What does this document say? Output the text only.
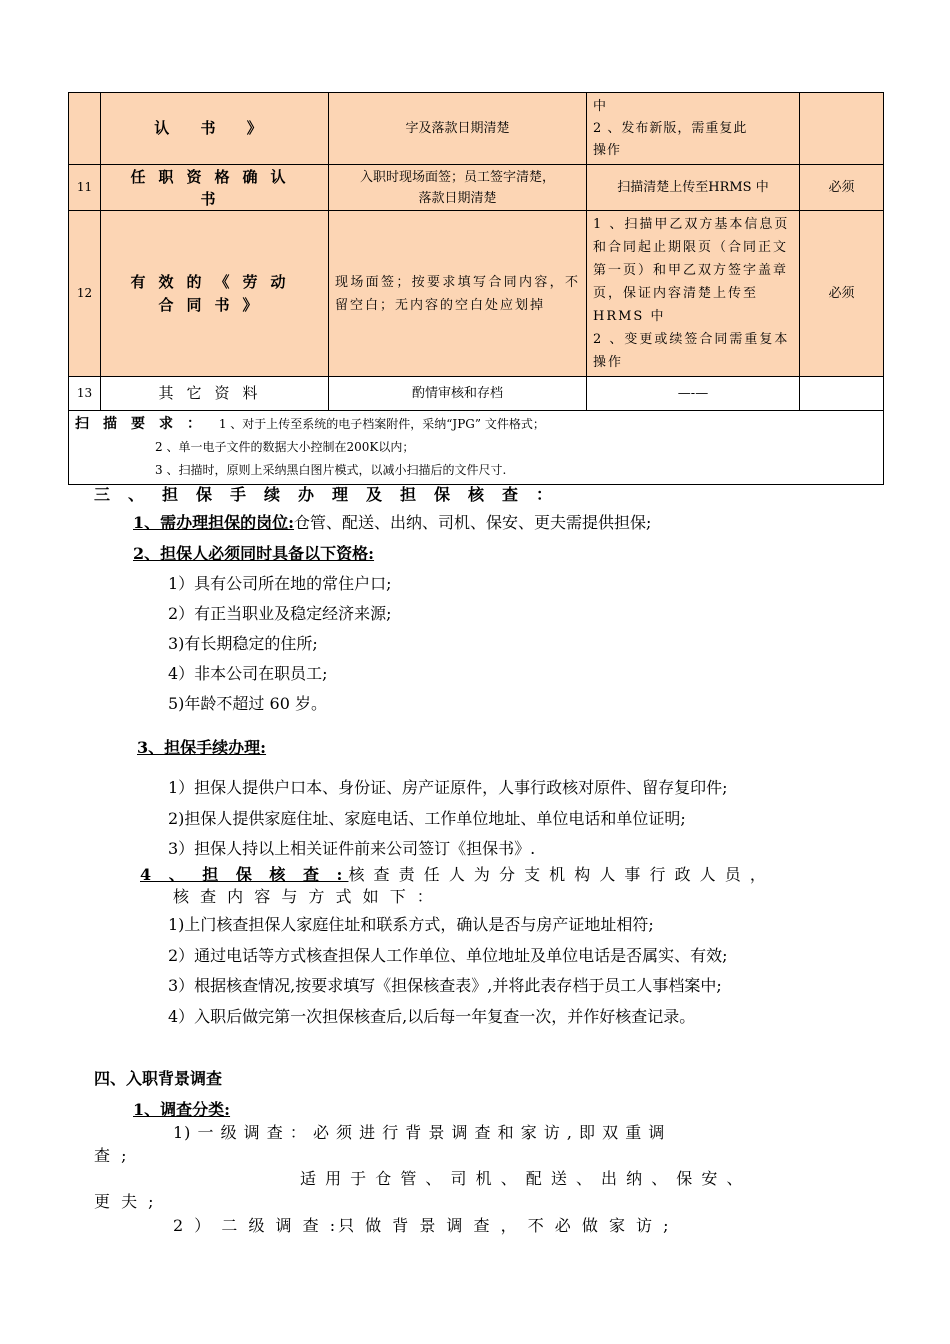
	认 书 》	字及落款日期清楚	中
2 、发布新版，需重复此
操作	

11	任职资格确认书	入职时现场面签；员工签字清楚，落款日期清楚	扫描清楚上传至HRMS 中	必须
12	有效的《劳动合同书》	现场面签；按要求填写合同内容，不留空白；无内容的空白处应划掉	1 、扫描甲乙双方基本信息页和合同起止期限页（合同正文第一页）和甲乙双方签字盖章页，保证内容清楚上传至HRMS 中
2 、变更或续签合同需重复本操作	必须
13	其它资料	酌情审核和存档	—-—	

扫描要求： 1 、对于上传至系统的电子档案附件，采纳“JPG” 文件格式；
2 、单一电子文件的数据大小控制在200K以内；
3 、扫描时，原则上采纳黑白图片模式，以减小扫描后的文件尺寸.				
三、担保手续办理及担保核查：
1、需办理担保的岗位:仓管、配送、出纳、司机、保安、更夫需提供担保;
2、担保人必须同时具备以下资格:
1）具有公司所在地的常住户口;
2）有正当职业及稳定经济来源;
3)有长期稳定的住所;
4）非本公司在职员工;
5)年龄不超过 60 岁。
3、担保手续办理:
1）担保人提供户口本、身份证、房产证原件，人事行政核对原件、留存复印件;
2)担保人提供家庭住址、家庭电话、工作单位地址、单位电话和单位证明;
3）担保人持以上相关证件前来公司签订《担保书》.
4 、 担 保 核 查 :核 查 责 任 人 为 分 支 机 构 人 事 行 政 人 员 ，
核 查 内 容 与 方 式 如 下 ：
1)上门核查担保人家庭住址和联系方式，确认是否与房产证地址相符;
2）通过电话等方式核查担保人工作单位、单位地址及单位电话是否属实、有效;
3）根据核查情况,按要求填写《担保核查表》,并将此表存档于员工人事档案中;
4）入职后做完第一次担保核查后,以后每一年复查一次，并作好核查记录。
四、入职背景调查
1、调查分类:
1) 一 级 调 查 ： 必 须 进 行 背 景 调 查 和 家 访 , 即 双 重 调
查 ;
适 用 于 仓 管 、 司 机 、 配 送 、 出 纳 、 保 安 、
更 夫 ;
2 ） 二 级 调 查 :只 做 背 景 调 查 ， 不 必 做 家 访 ;
